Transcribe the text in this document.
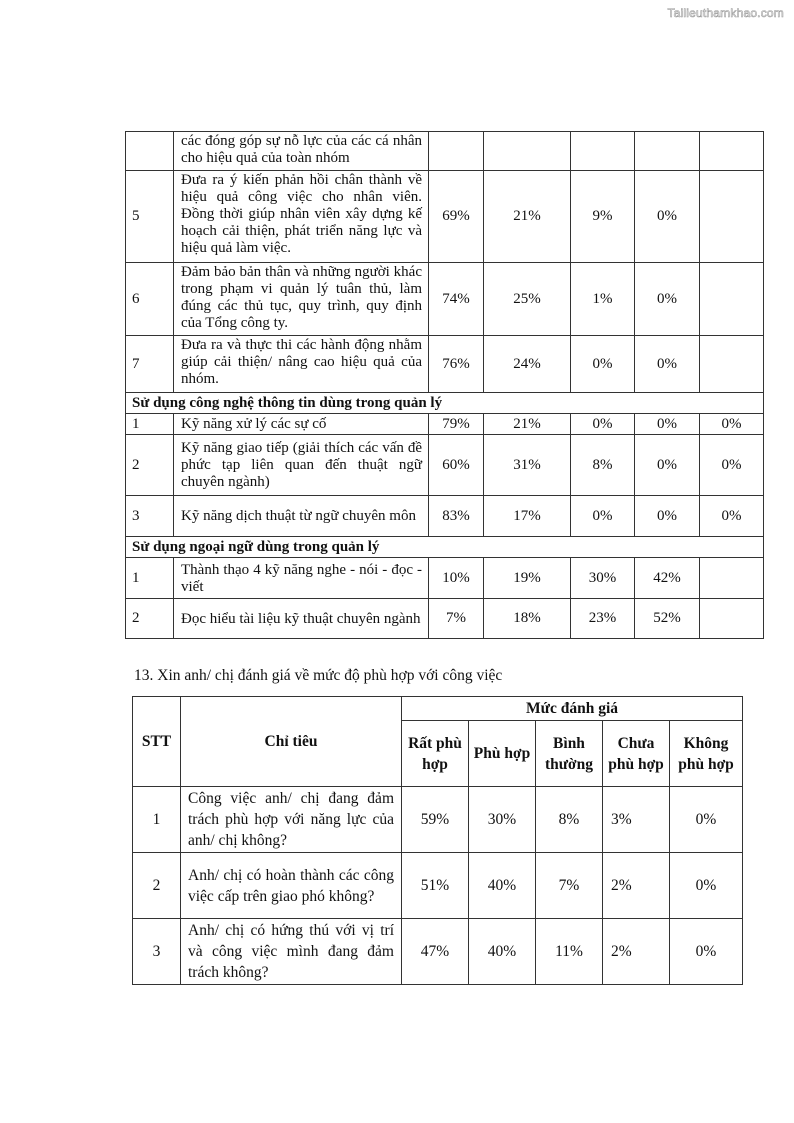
Tailieuthamkhao.com
	các đóng góp sự nỗ lực của các cá nhân cho hiệu quả của toàn nhóm					
5	Đưa ra ý kiến phản hồi chân thành về hiệu quả công việc cho nhân viên. Đồng thời giúp nhân viên xây dựng kế hoạch cải thiện, phát triển năng lực và hiệu quả làm việc.	69%	21%	9%	0%	
6	Đảm bảo bản thân và những người khác trong phạm vi quản lý tuân thủ, làm đúng các thủ tục, quy trình, quy định của Tổng công ty.	74%	25%	1%	0%	
7	Đưa ra và thực thi các hành động nhằm giúp cải thiện/ nâng cao hiệu quả của nhóm.	76%	24%	0%	0%	
Sử dụng công nghệ thông tin dùng trong quản lý						
1	Kỹ năng xử lý các sự cố	79%	21%	0%	0%	0%
2	Kỹ năng giao tiếp (giải thích các vấn đề phức tạp liên quan đến thuật ngữ chuyên ngành)	60%	31%	8%	0%	0%
3	Kỹ năng dịch thuật từ ngữ chuyên môn	83%	17%	0%	0%	0%
Sử dụng ngoại ngữ dùng trong quản lý						
1	Thành thạo 4 kỹ năng nghe - nói - đọc - viết	10%	19%	30%	42%	
2	Đọc hiểu tài liệu kỹ thuật chuyên ngành	7%	18%	23%	52%	

13. Xin anh/ chị đánh giá về mức độ phù hợp với công việc

STT	Chỉ tiêu	Mức đánh giá				
		Rất phù hợp	Phù hợp	Bình thường	Chưa phù hợp	Không phù hợp
1	Công việc anh/ chị đang đảm trách phù hợp với năng lực của anh/ chị không?	59%	30%	8%	3%	0%
2	Anh/ chị có hoàn thành các công việc cấp trên giao phó không?	51%	40%	7%	2%	0%
3	Anh/ chị có hứng thú với vị trí và công việc mình đang đảm trách không?	47%	40%	11%	2%	0%
